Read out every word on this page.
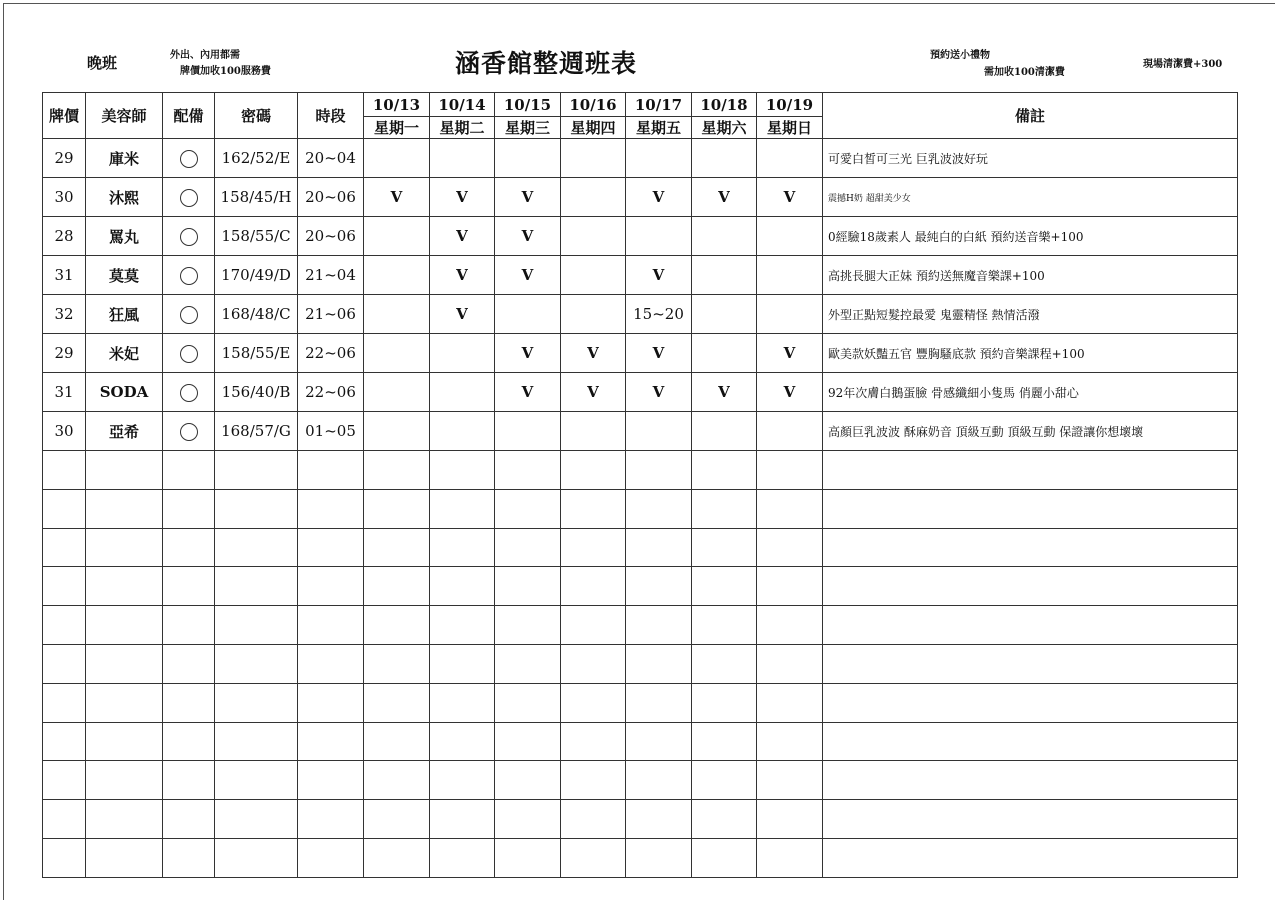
晚班	外出、內用都需
牌價加收100服務費	涵香館整週班表	預約送小禮物
需加收100清潔費
現場清潔費+300
牌價	美容師	配備	密碼	時段	10/13	10/14	10/15	10/16	10/17	10/18	10/19	備註
					星期一	星期二	星期三	星期四	星期五	星期六	星期日	
29	庫米		162/52/E	20~04								可愛白皙可三光 巨乳波波好玩
30	沐熙		158/45/H	20~06	V	V	V		V	V	V	震撼H奶 超甜美少女
28	罵丸		158/55/C	20~06		V	V					0經驗18歲素人 最純白的白紙 預約送音樂+100
31	莫莫		170/49/D	21~04		V	V		V			高挑長腿大正妹 預約送無魔音樂課+100
32	狂風		168/48/C	21~06		V			15~20			外型正點短髮控最愛 鬼靈精怪 熱情活潑
29	米妃		158/55/E	22~06			V	V	V		V	歐美款妖豔五官 豐胸騷底款 預約音樂課程+100
31	SODA		156/40/B	22~06			V	V	V	V	V	92年次膚白鵝蛋臉 骨感纖細小隻馬 俏麗小甜心
30	亞希		168/57/G	01~05								高顏巨乳波波 酥麻奶音 頂級互動 頂級互動 保證讓你想壞壞
